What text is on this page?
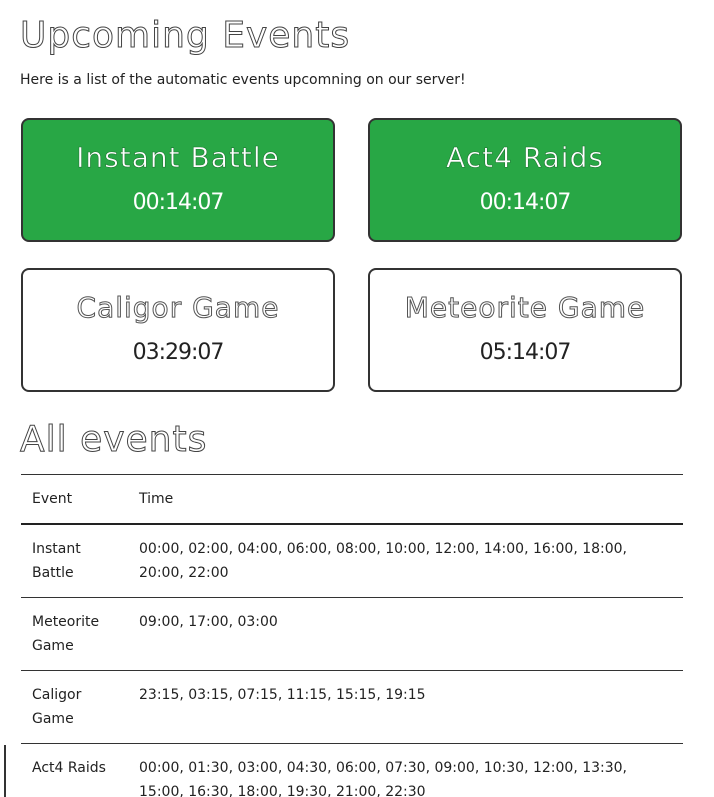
Upcoming Events
Here is a list of the automatic events upcomning on our server!
Instant Battle
00:14:07
Act4 Raids
00:14:07
Caligor Game
03:29:07
Meteorite Game
05:14:07
All events
Event	Time
Instant Battle	00:00, 02:00, 04:00, 06:00, 08:00, 10:00, 12:00, 14:00, 16:00, 18:00, 20:00, 22:00
Meteorite Game	09:00, 17:00, 03:00
Caligor Game	23:15, 03:15, 07:15, 11:15, 15:15, 19:15
Act4 Raids	00:00, 01:30, 03:00, 04:30, 06:00, 07:30, 09:00, 10:30, 12:00, 13:30, 15:00, 16:30, 18:00, 19:30, 21:00, 22:30
